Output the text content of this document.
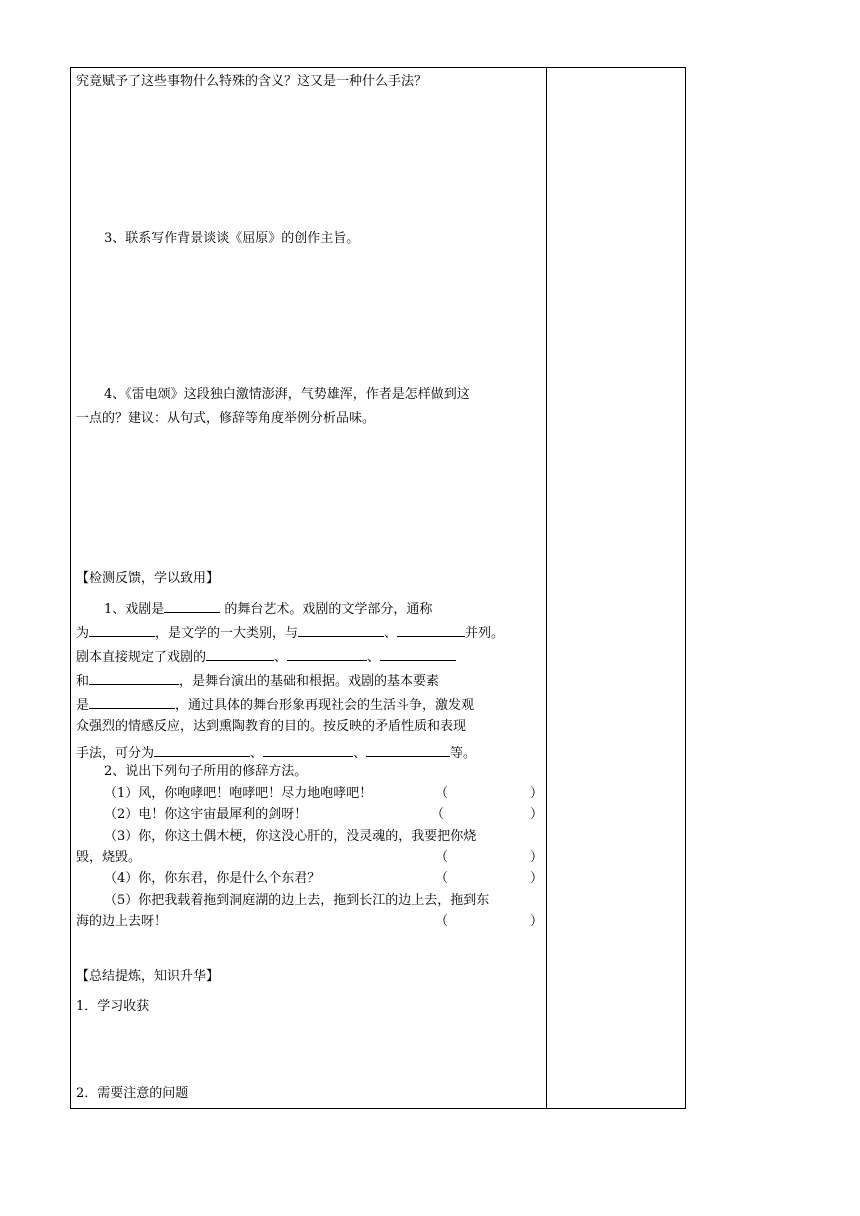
究竟赋予了这些事物什么特殊的含义？这又是一种什么手法？
3、联系写作背景谈谈《屈原》的创作主旨。
4、《雷电颂》这段独白激情澎湃，气势雄浑，作者是怎样做到这
一点的？建议：从句式，修辞等角度举例分析品味。
【检测反馈，学以致用】
1、戏剧是	的舞台艺术。戏剧的文学部分，通称
为	，是文学的一大类别，与	、	并列。
剧本直接规定了戏剧的	、	、
和	，是舞台演出的基础和根据。戏剧的基本要素
是	，通过具体的舞台形象再现社会的生活斗争，激发观
众强烈的情感反应，达到熏陶教育的目的。按反映的矛盾性质和表现
手法，可分为	、	、	等。
2、说出下列句子所用的修辞方法。
（1）风，你咆哮吧！咆哮吧！尽力地咆哮吧！	（	）
（2）电！你这宇宙最犀利的剑呀！	（	）
（3）你，你这土偶木梗，你这没心肝的，没灵魂的，我要把你烧
毁，烧毁。	（	）
（4）你，你东君，你是什么个东君？	（	）
（5）你把我载着拖到洞庭湖的边上去，拖到长江的边上去，拖到东
海的边上去呀！	（	）
【总结提炼，知识升华】
1．学习收获
2．需要注意的问题
